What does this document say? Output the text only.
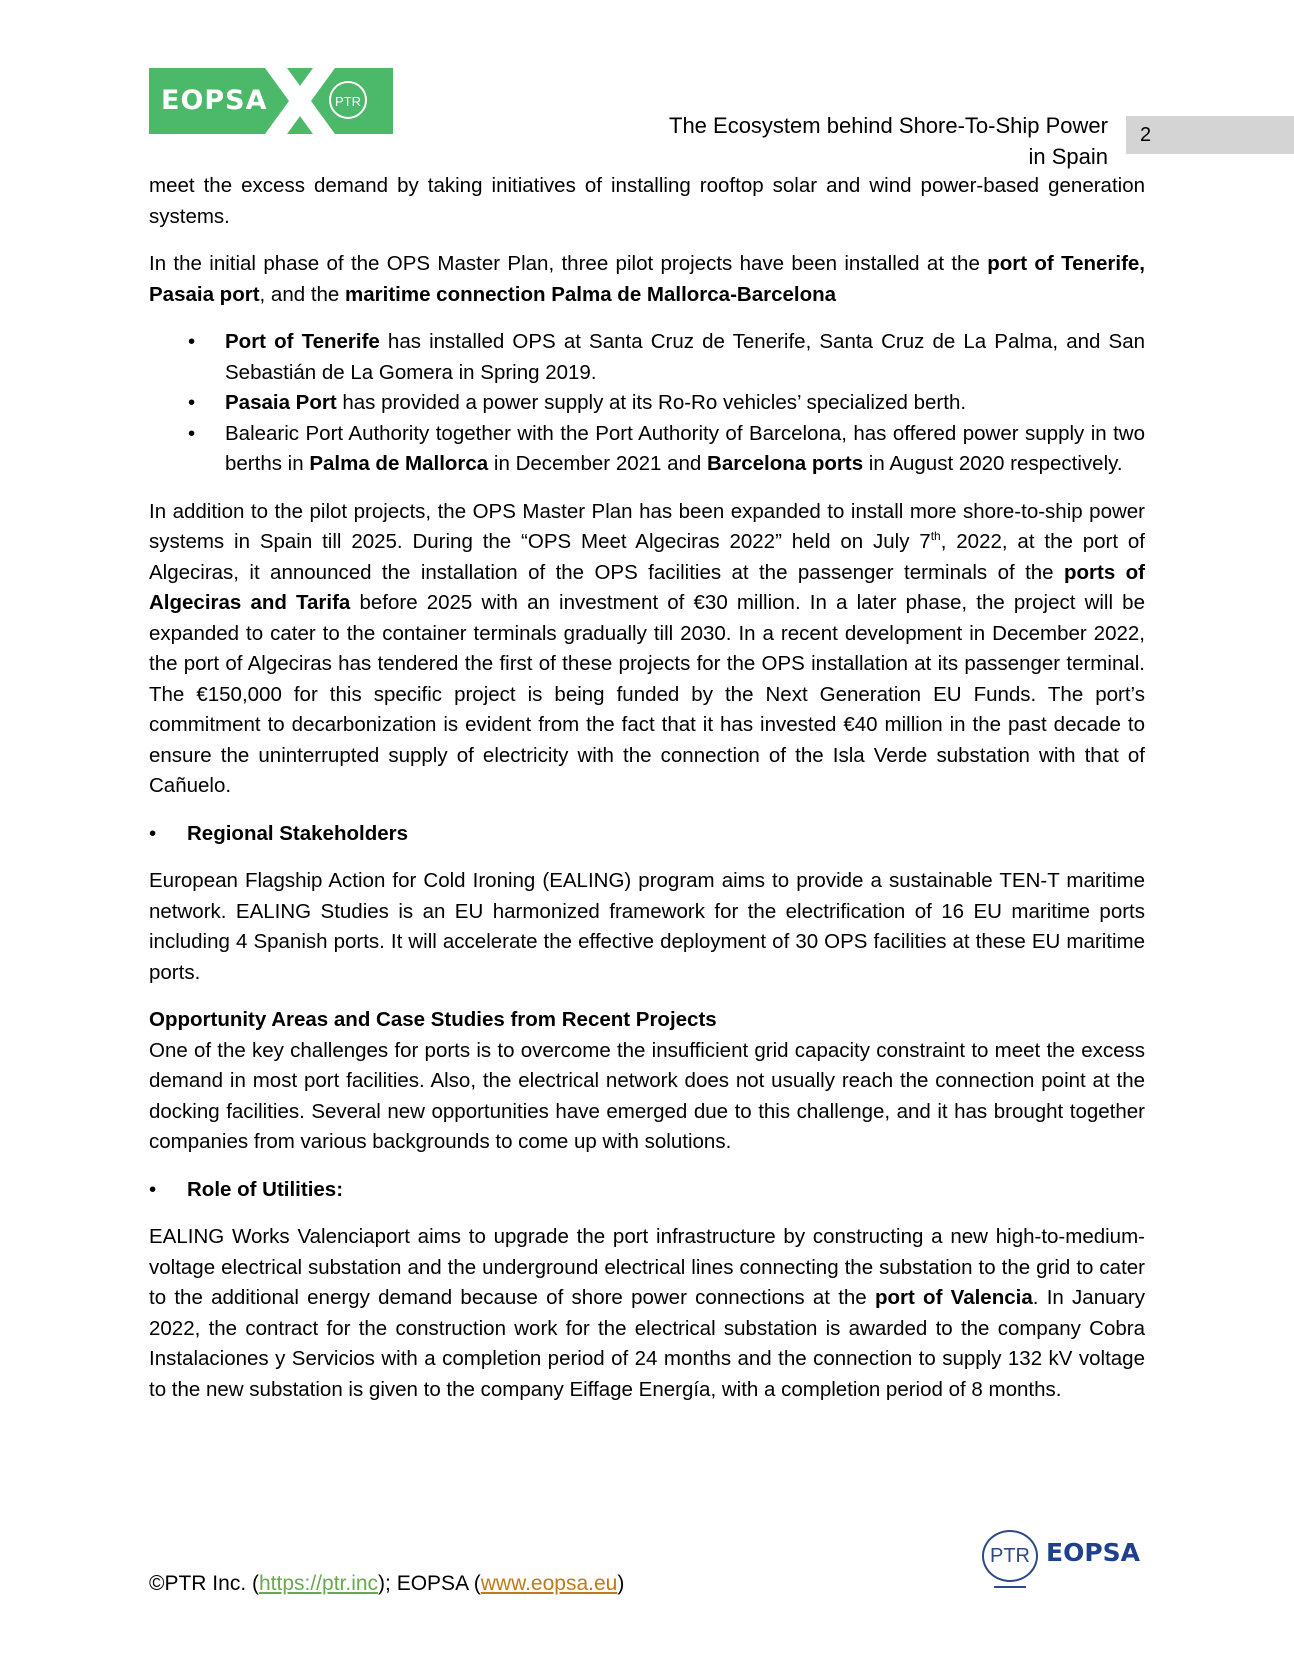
EOPSA	PTR
The Ecosystem behind Shore-To-Ship Power
in Spain
2

meet the excess demand by taking initiatives of installing rooftop solar and wind power-based generation systems.

In the initial phase of the OPS Master Plan, three pilot projects have been installed at the port of Tenerife, Pasaia port, and the maritime connection Palma de Mallorca-Barcelona

• Port of Tenerife has installed OPS at Santa Cruz de Tenerife, Santa Cruz de La Palma, and San Sebastián de La Gomera in Spring 2019.
• Pasaia Port has provided a power supply at its Ro-Ro vehicles’ specialized berth.
• Balearic Port Authority together with the Port Authority of Barcelona, has offered power supply in two berths in Palma de Mallorca in December 2021 and Barcelona ports in August 2020 respectively.

In addition to the pilot projects, the OPS Master Plan has been expanded to install more shore-to-ship power systems in Spain till 2025. During the “OPS Meet Algeciras 2022” held on July 7th, 2022, at the port of Algeciras, it announced the installation of the OPS facilities at the passenger terminals of the ports of Algeciras and Tarifa before 2025 with an investment of €30 million. In a later phase, the project will be expanded to cater to the container terminals gradually till 2030. In a recent development in December 2022, the port of Algeciras has tendered the first of these projects for the OPS installation at its passenger terminal. The €150,000 for this specific project is being funded by the Next Generation EU Funds. The port’s commitment to decarbonization is evident from the fact that it has invested €40 million in the past decade to ensure the uninterrupted supply of electricity with the connection of the Isla Verde substation with that of Cañuelo.

• Regional Stakeholders

European Flagship Action for Cold Ironing (EALING) program aims to provide a sustainable TEN-T maritime network. EALING Studies is an EU harmonized framework for the electrification of 16 EU maritime ports including 4 Spanish ports. It will accelerate the effective deployment of 30 OPS facilities at these EU maritime ports.

Opportunity Areas and Case Studies from Recent Projects

One of the key challenges for ports is to overcome the insufficient grid capacity constraint to meet the excess demand in most port facilities. Also, the electrical network does not usually reach the connection point at the docking facilities. Several new opportunities have emerged due to this challenge, and it has brought together companies from various backgrounds to come up with solutions.

• Role of Utilities:

EALING Works Valenciaport aims to upgrade the port infrastructure by constructing a new high-to-medium-voltage electrical substation and the underground electrical lines connecting the substation to the grid to cater to the additional energy demand because of shore power connections at the port of Valencia. In January 2022, the contract for the construction work for the electrical substation is awarded to the company Cobra Instalaciones y Servicios with a completion period of 24 months and the connection to supply 132 kV voltage to the new substation is given to the company Eiffage Energía, with a completion period of 8 months.

©PTR Inc. (https://ptr.inc); EOPSA (www.eopsa.eu)
PTR EOPSA
